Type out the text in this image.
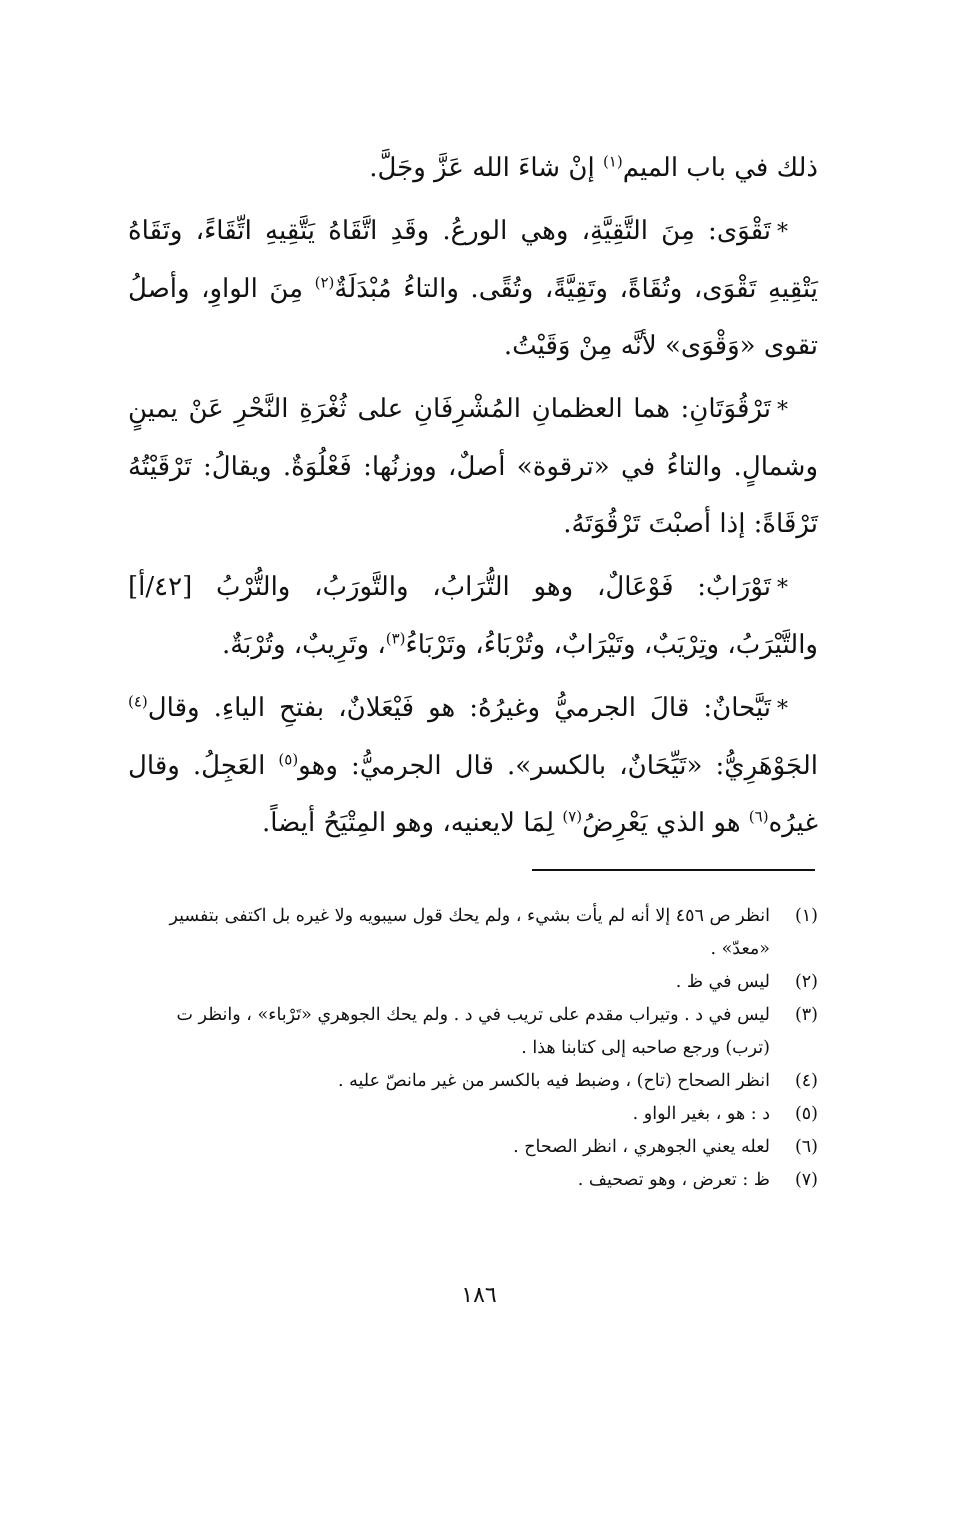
ذلك في باب الميم$^{(١)}$ إنْ شاءَ الله عَزَّ وجَلَّ.

*تَقْوَى: مِنَ التَّقِيَّةِ، وهي الورعُ. وقَدِ اتَّقَاهُ يَتَّقِيهِ اتِّقَاءً، وتَقَاهُ يَتْقِيهِ تَقْوَى، وتُقَاةً، وتَقِيَّةً، وتُقًى. والتاءُ مُبْدَلَةٌ$^{(٢)}$ مِنَ الواوِ، وأصلُ تقوى «وَقْوَى» لأنَّه مِنْ وَقَيْتُ.

*تَرْقُوَتَانِ: هما العظمانِ المُشْرِفَانِ على ثُغْرَةِ النَّحْرِ عَنْ يمينٍ وشمالٍ. والتاءُ في «ترقوة» أصلٌ، ووزنُها: فَعْلُوَةٌ. ويقالُ: تَرْقَيْتُهُ تَرْقَاةً: إذا أصبْتَ تَرْقُوَتَهُ.

*تَوْرَابٌ: فَوْعَالٌ، وهو التُّرَابُ، والتَّورَبُ، والتُّرْبُ [٤٢/أ] والتَّيْرَبُ، وتِرْيَبٌ، وتَيْرَابٌ، وتُرْبَاءُ، وتَرْبَاءُ$^{(٣)}$، وتَرِيبٌ، وتُرْبَةٌ.

*تَيَّحانٌ: قالَ الجرميُّ وغيرُهُ: هو فَيْعَلانٌ، بفتحِ الياءِ. وقال$^{(٤)}$ الجَوْهَرِيُّ: «تَيِّحَانٌ، بالكسر». قال الجرميُّ: وهو$^{(٥)}$ العَجِلُ. وقال غيرُه$^{(٦)}$ هو الذي يَعْرِضُ$^{(٧)}$ لِمَا لايعنيه، وهو المِتْيَحُ أيضاً.

(١)
انظر ص ٤٥٦ إلا أنه لم يأت بشيء ، ولم يحك قول سيبويه ولا غيره بل اكتفى بتفسير «معدّ» .
(٢)
ليس في ظ .
(٣)
ليس في د . وتيراب مقدم على تريب في د . ولم يحك الجوهري «تَرْباء» ، وانظر ت (ترب) ورجع صاحبه إلى كتابنا هذا .
(٤)
انظر الصحاح (تاح) ، وضبط فيه بالكسر من غير مانصّ عليه .
(٥)
د : هو ، بغير الواو .
(٦)
لعله يعني الجوهري ، انظر الصحاح .
(٧)
ظ : تعرض ، وهو تصحيف .
١٨٦
